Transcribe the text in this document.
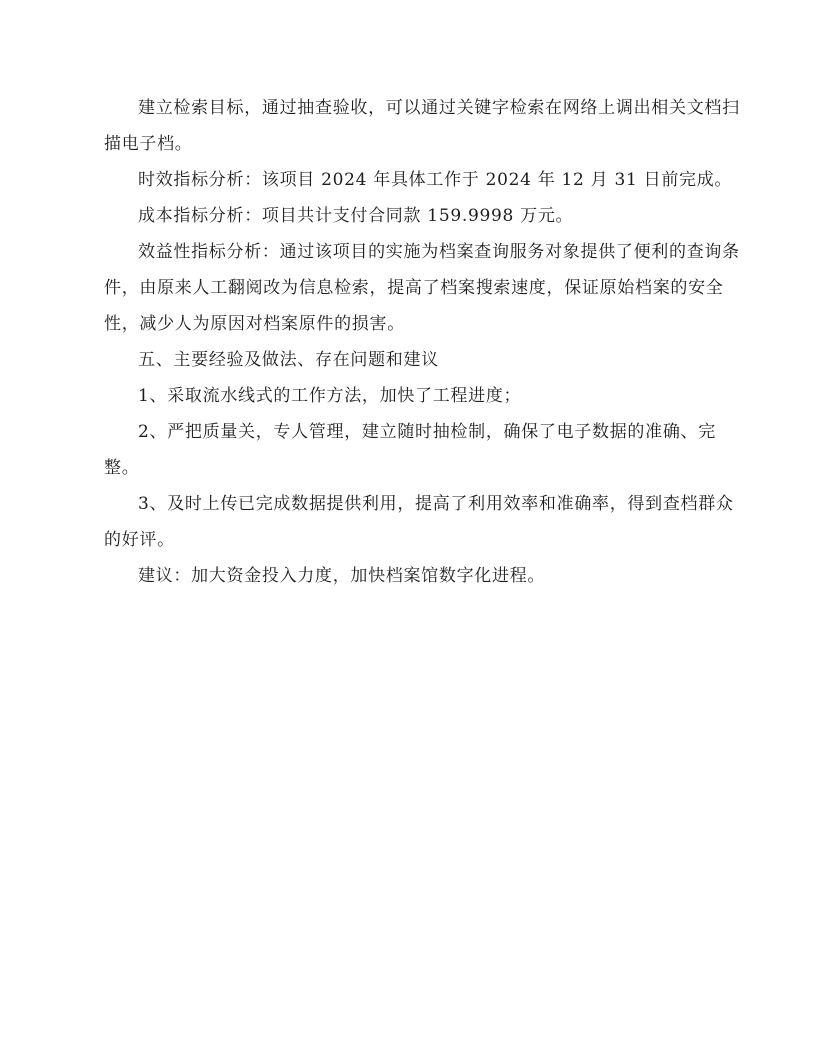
建立检索目标，通过抽查验收，可以通过关键字检索在网络上调出相关文档扫描电子档。

时效指标分析：该项目 2024 年具体工作于 2024 年 12 月 31 日前完成。

成本指标分析：项目共计支付合同款 159.9998 万元。

效益性指标分析：通过该项目的实施为档案查询服务对象提供了便利的查询条件，由原来人工翻阅改为信息检索，提高了档案搜索速度，保证原始档案的安全性，减少人为原因对档案原件的损害。

五、主要经验及做法、存在问题和建议

1、采取流水线式的工作方法，加快了工程进度；

2、严把质量关，专人管理，建立随时抽检制，确保了电子数据的准确、完整。

3、及时上传已完成数据提供利用，提高了利用效率和准确率，得到查档群众的好评。

建议：加大资金投入力度，加快档案馆数字化进程。
